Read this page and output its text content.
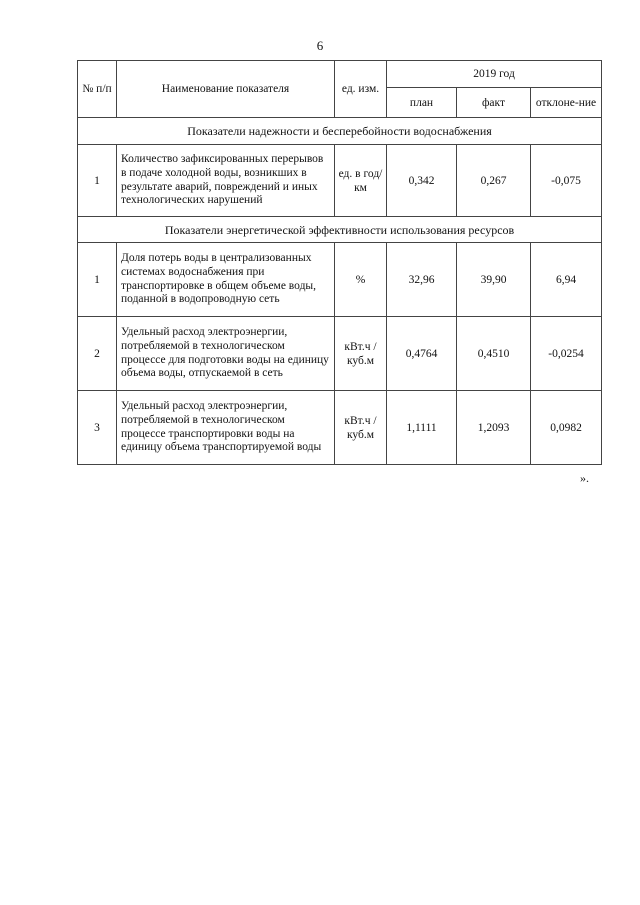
6
№ п/п	Наименование показателя	ед. изм.	2019 год		
			план	факт	отклоне-ние
Показатели надежности и бесперебойности водоснабжения					
1	Количество зафиксированных перерывов в подаче холодной воды, возникших в результате аварий, повреждений и иных технологических нарушений	ед. в год/ км	0,342	0,267	-0,075
Показатели энергетической эффективности использования ресурсов					
1	Доля потерь воды в централизованных системах водоснабжения при транспортировке в общем объеме воды, поданной в водопроводную сеть	%	32,96	39,90	6,94
2	Удельный расход электроэнергии, потребляемой в технологическом процессе для подготовки воды на единицу объема воды, отпускаемой в сеть	кВт.ч / куб.м	0,4764	0,4510	-0,0254
3	Удельный расход электроэнергии, потребляемой в технологическом процессе транспортировки воды на единицу объема транспортируемой воды	кВт.ч / куб.м	1,1111	1,2093	0,0982
».
